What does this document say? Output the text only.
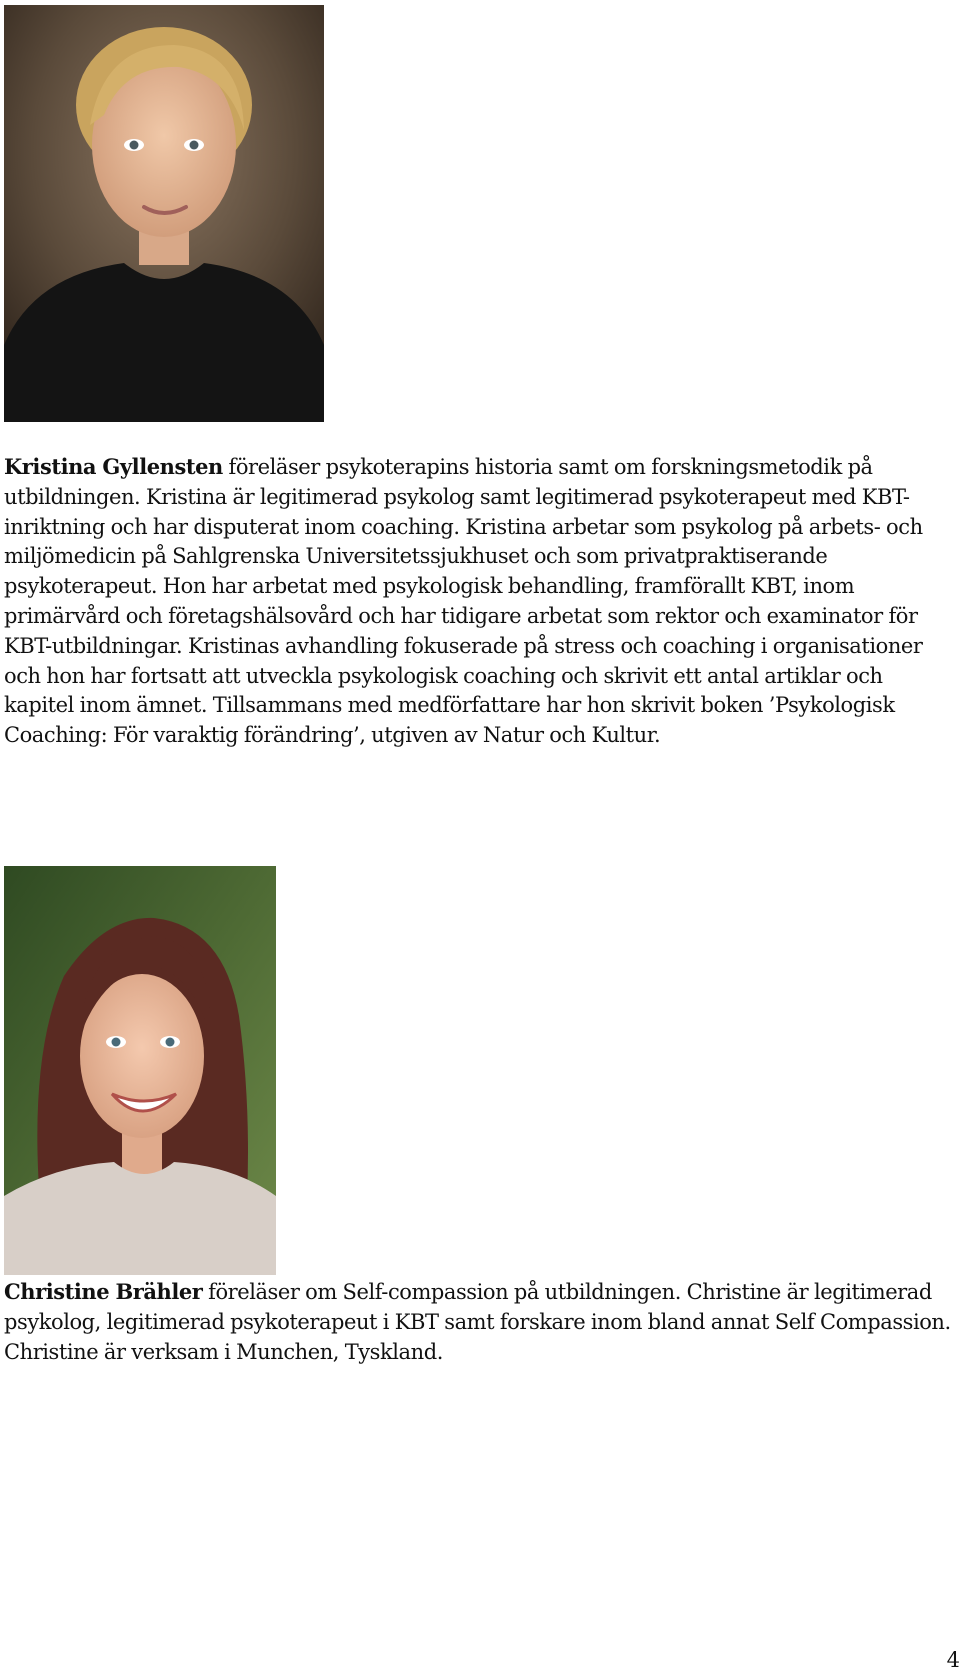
Kristina Gyllensten föreläser psykoterapins historia samt om forskningsmetodik på utbildningen. Kristina är legitimerad psykolog samt legitimerad psykoterapeut med KBT-inriktning och har disputerat inom coaching. Kristina arbetar som psykolog på arbets- och miljömedicin på Sahlgrenska Universitetssjukhuset och som privatpraktiserande psykoterapeut. Hon har arbetat med psykologisk behandling, framförallt KBT, inom primärvård och företagshälsovård och har tidigare arbetat som rektor och examinator för KBT-utbildningar. Kristinas avhandling fokuserade på stress och coaching i organisationer och hon har fortsatt att utveckla psykologisk coaching och skrivit ett antal artiklar och kapitel inom ämnet. Tillsammans med medförfattare har hon skrivit boken ’Psykologisk Coaching: För varaktig förändring’, utgiven av Natur och Kultur.

Christine Brähler föreläser om Self-compassion på utbildningen. Christine är legitimerad psykolog, legitimerad psykoterapeut i KBT samt forskare inom bland annat Self Compassion. Christine är verksam i Munchen, Tyskland.

4
